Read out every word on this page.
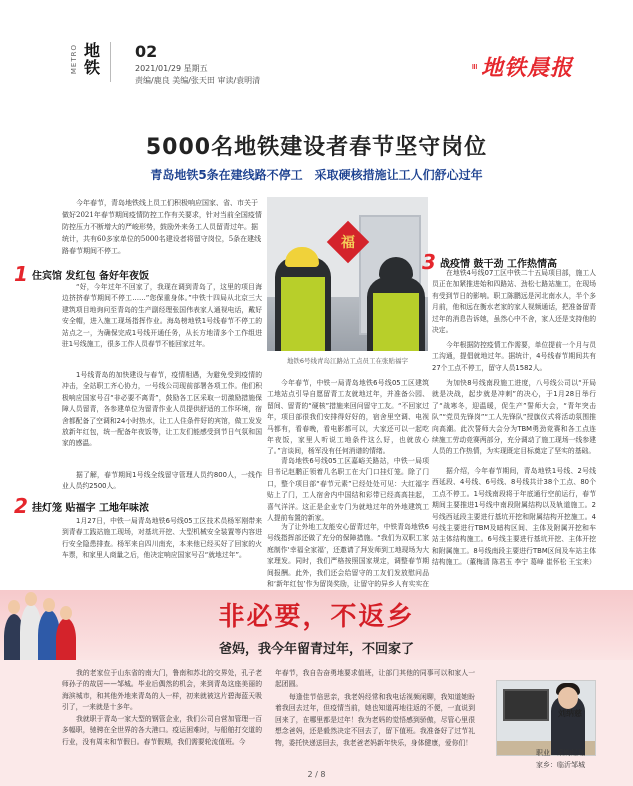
METRO 地铁
02
2021/01/29 星期五
责编/鹿良 美编/张天田 审读/袁明清
≡ 地铁晨报
5000名地铁建设者春节坚守岗位
青岛地铁5条在建线路不停工　采取硬核措施让工人们舒心过年
今年春节，青岛地铁线上员工们积极响应国家、省、市关于做好2021年春节期间疫情防控工作有关要求，针对当前全国疫情防控压力不断增大的严峻形势，鼓励外来务工人员留青过年。据统计，共有60多家单位的5000名建设者将留守岗位，5条在建线路春节期间不停工。
1 住宾馆 发红包 备好年夜饭
“好，今年过年不回家了，我现在调到青岛了，这里的项目海边挤挤春节期间不停工……”您保重身体。”中铁十四局从北京三大建筑项目地询问至青岛的生产副经理张国伟表家人通视电话，戴好安全帽，进入施工现场指挥作业。海岛榜地铁1号线春节不停工的站点之一，为确保完成1号线开通任务，从长方地清多个工作组进驻1号线施工，很多工作人员春节不能回家过年。
1号线青岛的加快建设与春节，疫情相遇，为避免受到疫情的冲击，全站职工齐心协力，一号线公司现前部署各项工作。他们积极响应国家号召“非必要不离青”，鼓励各工区采取一切激励措施保障人员留青，各参建单位为留青作业人员提供舒适的工作环境，宿舍都配备了空调和24小时热水，让工人住条件好的宾馆，做工发发放新年红包，统一配备年夜饭等，让工友们能感受到节日气氛和国家的感温。
据了解，春节期间1号线全线留守管理人员约800人，一线作业人员约2500人。
2 挂灯笼 贴福字 工地年味浓
1月27日，中铁一局青岛地铁6号线05工区技术员杨军刚带来到青春工践站施工现场，对基坑开挖、大型机械安全装置等内容进行安全隐患排查。杨军来自四川南充，本来他已经买好了回家的火车票，和家里人商量之后，他决定响应国家号召“就地过年”。
福
地铁6号线青岛江路站工点员工在张贴福字
今年春节，中铁一局青岛地铁6号线05工区建筑工地站点引导自愿留青工友就地过年，并准备公园、留间、留青的“硬核”措施来回问留守工友。“不回家过年，项目部很我们安排得好好的，宿舍里空调、电视马都有，看春晚，看电影都可以，大家还可以一起吃年夜饭，家里人听说工地条件这么好，也就放心了。”言谈间，杨军没有任何消谱的情绪。
青岛地铁6号线05工区嘉峪关路站，中铁一局项目书记赵鹏正领着几名职工在大门口挂灯笼。除了门口，整个项目部“春节元素”已经处处可见：大红福字贴上了门，工人宿舍内中国结和彩带已经高高挂起，喜气洋洋。这正是企业专门为就地过年的外地建筑工人提前布置的新家。
为了让外地工友能安心留青过年，中铁青岛地铁6号线指挥部还做了充分的保障措施。“我们为双职工家庭制作‘幸福全家福’，还邀请了拜发师到工地现场为大家理发。同时，我们严格按照国家规定，调整春节期间报酬。此外，我们还会给留守的工友们发放慰问品和‘新年红包’作为留岗奖励，让留守的异乡人有实实在
3 战疫情 鼓干劲 工作热情高
在地铁4号线07工区中铁二十五局项目部，施工人员正在加紧推进始和四路站、劲松七路站施工，在现场有受到节日的影响。职工陈鹏远是河北南水人，半个多月前，他和远在衡水老家的家人视频通话，把准备留青过年的消息告诉她，虽然心中不舍，家人还是支持他的决定。
今年根据防控疫情工作需要，单位提前一个月与员工沟通，提倡就地过年。据统计，4号线春节期间共有27个工点不停工，留守人员1582人。
为加快8号线南段施工进度，八号线公司以“开局就是决战，起步就是冲刺”的决心，于1月28日举行了“战寒冬，迎温暖，促生产”誓师大会，“青年突击队”“党员先锋岗”“工人先锋队”授旗仪式将活动氛围推向高潮。此次誓师大会分为TBM勇劲竞赛和各工点连续施工劳动竞赛两部分，充分调动了施工现场一线参建人员的工作热情，为实现既定目标奠定了坚实的基础。
据介绍，今年春节期间，青岛地铁1号线、2号线西延段、4号线、6号线、8号线共计38个工点、80个工点不停工。1号线南段将于年底通行空前运行，春节期间主要推进1号线中南段附属结构以及轨道施工。2号线西延段主要进行基坑开挖和附属结构开挖施工。4号线主要进行TBM及暗构区间、主体及附属开挖和车站主体结构施工。6号线主要进行基坑开挖、主体开挖和附属施工。8号线南段主要进行TBM区间及车站主体结构施工。（董梅清 陈君玉 李宁 葛峰 崔怀松 王宝来）
非必要，不返乡
爸妈，我今年留青过年，不回家了
我的老家位于山东省的南大门，鲁南和苏北的交界处，孔子老师孙子的故居——邹城。毕业后偶然的机会，来到青岛这座美丽的海滨城市，和其他外地来青岛的人一样，初来就被这片碧海蓝天吸引了，一来就是十多年。
我就职于青岛一家大型的钢管企业，我们公司自营加管理一百多幅职，驰骋在全世界的各大港口。疫运困难时，与船舶打交道的行业，没有周末和节假日。春节假期，我们需要轮流值班。今
年春节，我自告奋勇地要求值班，让部门其他的同事可以和家人一起团圆。
每逢佳节倍思亲，我老妈经常和我电话视频闲聊，我知道她盼着我回去过年，但疫情当前，她也知道再地往返的不便，一直说到回来了，在哪里都是过年！我为老妈的觉悟感到骄傲，尽管心里很想念爸妈，还是毅然决定不回去了，留下值班。我准备好了过节礼物，委托快递送回去，我老爸老妈新年快乐，身体健康，爱你们！
刘纳慈
职业：采购经理
家乡：临沂邹城
2 / 8
